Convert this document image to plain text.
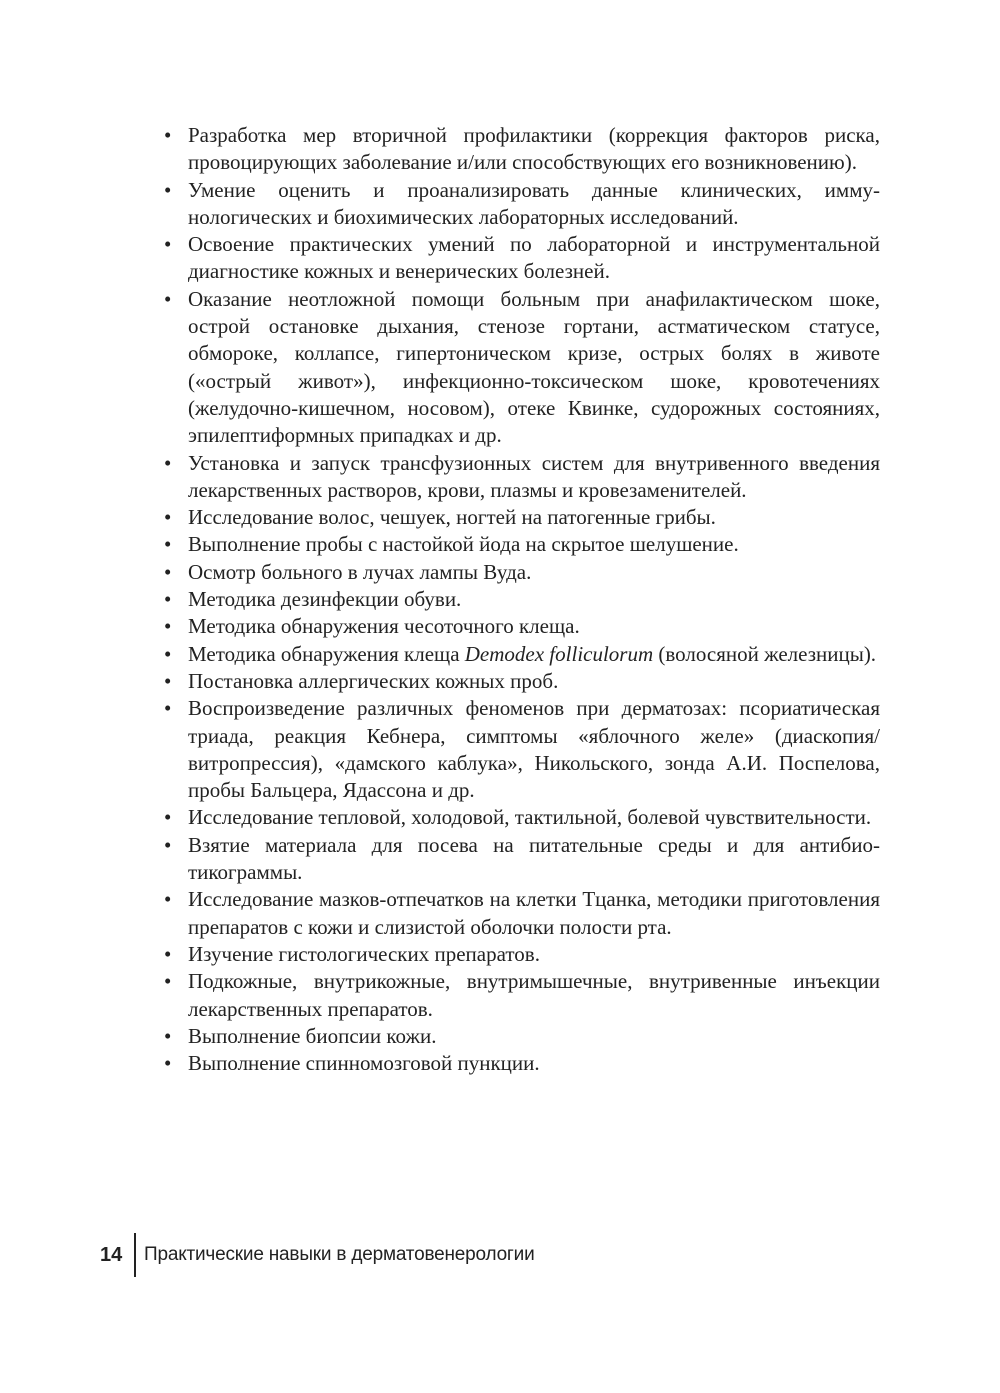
• Разработка мер вторичной профилактики (коррекция факторов риска, провоцирующих заболевание и/или способствующих его возникновению).
• Умение оценить и проанализировать данные клинических, иммунологических и биохимических лабораторных исследований.
• Освоение практических умений по лабораторной и инструментальной диагностике кожных и венерических болезней.
• Оказание неотложной помощи больным при анафилактическом шоке, острой остановке дыхания, стенозе гортани, астматическом статусе, обмороке, коллапсе, гипертоническом кризе, острых болях в животе («острый живот»), инфекционно-токсическом шоке, кровотечениях (желудочно-кишечном, носовом), отеке Квинке, судорожных состояниях, эпилептиформных припадках и др.
• Установка и запуск трансфузионных систем для внутривенного введения лекарственных растворов, крови, плазмы и кровезаменителей.
• Исследование волос, чешуек, ногтей на патогенные грибы.
• Выполнение пробы с настойкой йода на скрытое шелушение.
• Осмотр больного в лучах лампы Вуда.
• Методика дезинфекции обуви.
• Методика обнаружения чесоточного клеща.
• Методика обнаружения клеща Demodex folliculorum (волосяной железницы).
• Постановка аллергических кожных проб.
• Воспроизведение различных феноменов при дерматозах: псориатическая триада, реакция Кебнера, симптомы «яблочного желе» (диаскопия/витропрессия), «дамского каблука», Никольского, зонда А.И. Поспелова, пробы Бальцера, Ядассона и др.
• Исследование тепловой, холодовой, тактильной, болевой чувствительности.
• Взятие материала для посева на питательные среды и для антибиотикограммы.
• Исследование мазков-отпечатков на клетки Тцанка, методики приготовления препаратов с кожи и слизистой оболочки полости рта.
• Изучение гистологических препаратов.
• Подкожные, внутрикожные, внутримышечные, внутривенные инъекции лекарственных препаратов.
• Выполнение биопсии кожи.
• Выполнение спинномозговой пункции.
14 Практические навыки в дерматовенерологии
